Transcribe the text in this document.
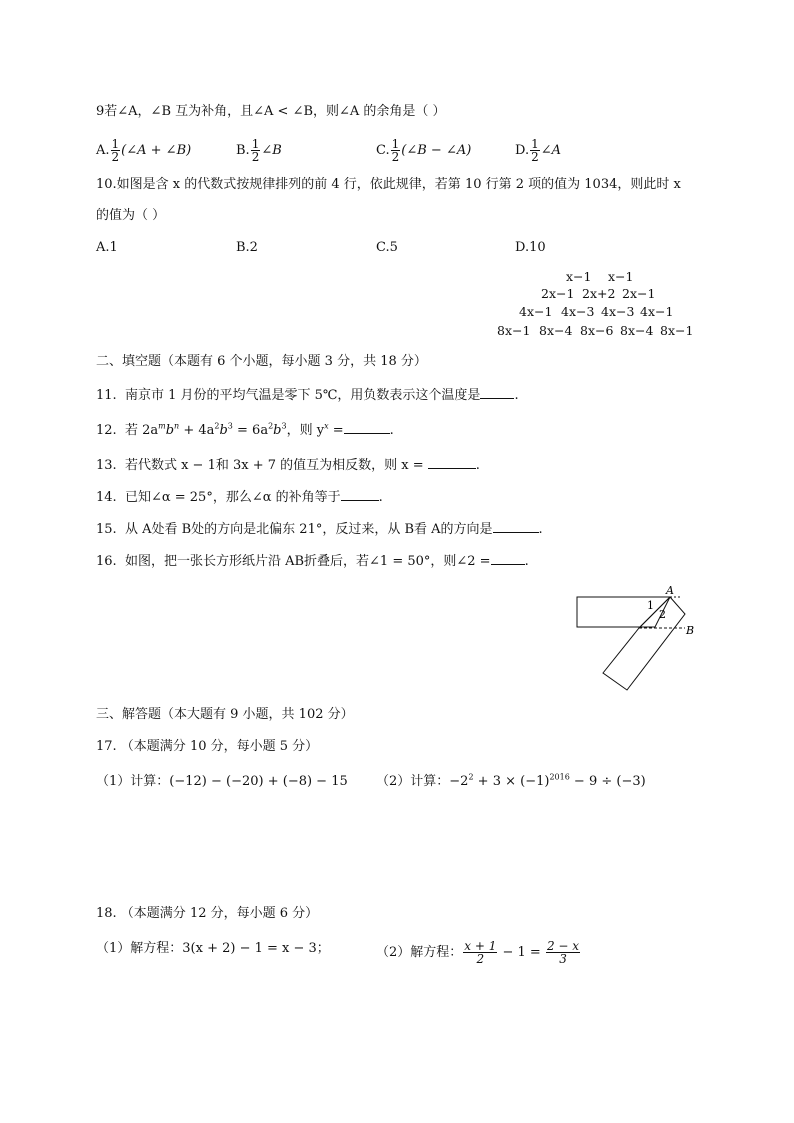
9若∠A，∠B 互为补角，且∠A < ∠B，则∠A 的余角是（ ）
A. $\frac{1}{2}$ (∠A + ∠B)	B. $\frac{1}{2}$ ∠B	C. $\frac{1}{2}$ (∠B − ∠A)	D. $\frac{1}{2}$ ∠A
10.如图是含 x 的代数式按规律排列的前 4 行，依此规律，若第 10 行第 2 项的值为 1034，则此时 x
的值为（ ）
A.1	B.2	C.5	D.10
x−1 x−1
2x−1 2x+2 2x−1
4x−1 4x−3 4x−3 4x−1
8x−1 8x−4 8x−6 8x−4 8x−1
二、填空题（本题有 6 个小题，每小题 3 分，共 18 分）
11. 南京市 1 月份的平均气温是零下 5℃，用负数表示这个温度是	.
12. 若 $2a^mb^n + 4a^2b^3 = 6a^2b^3$，则 $y^x$ =	.
13. 若代数式 x − 1和 3x + 7 的值互为相反数，则 x =	.
14. 已知∠α = 25°，那么∠α 的补角等于	.
15. 从 A处看 B处的方向是北偏东 21°，反过来，从 B看 A的方向是	.
16. 如图，把一张长方形纸片沿 AB折叠后，若∠1 = 50°，则∠2 =	.
A
B
1
2
三、解答题（本大题有 9 小题，共 102 分）
17. （本题满分 10 分，每小题 5 分）
（1）计算：(−12) − (−20) + (−8) − 15 （2）计算：$-2^2 + 3 \times (-1)^{2016} - 9 \div (-3)$
18. （本题满分 12 分，每小题 6 分）
（1）解方程：3(x + 2) − 1 = x − 3；	（2）解方程： $\frac{x + 1}{2} - 1 = \frac{2 - x}{3}$
